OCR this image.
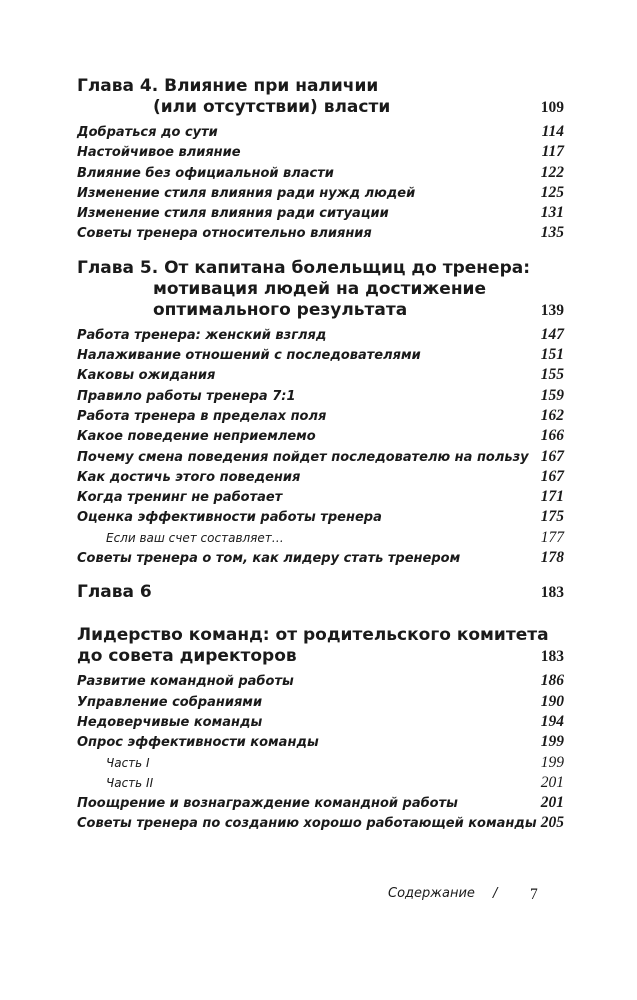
Глава 4. Влияние при наличии
(или отсутствии) власти	109
Добраться до сути	114
Настойчивое влияние	117
Влияние без официальной власти	122
Изменение стиля влияния ради нужд людей	125
Изменение стиля влияния ради ситуации	131
Советы тренера относительно влияния	135
Глава 5. От капитана болельщиц до тренера:
мотивация людей на достижение
оптимального результата	139
Работа тренера: женский взгляд	147
Налаживание отношений с последователями	151
Каковы ожидания	155
Правило работы тренера 7:1	159
Работа тренера в пределах поля	162
Какое поведение неприемлемо	166
Почему смена поведения пойдет последователю на пользу 167
Как достичь этого поведения	167
Когда тренинг не работает	171
Оценка эффективности работы тренера	175
Если ваш счет составляет…	177
Советы тренера о том, как лидеру стать тренером	178
Глава 6	183
Лидерство команд: от родительского комитета
до совета директоров	183
Развитие командной работы	186
Управление собраниями	190
Недоверчивые команды	194
Опрос эффективности команды	199
Часть I	199
Часть II	201
Поощрение и вознаграждение командной работы	201
Советы тренера по созданию хорошо работающей команды 205
Содержание / 7
